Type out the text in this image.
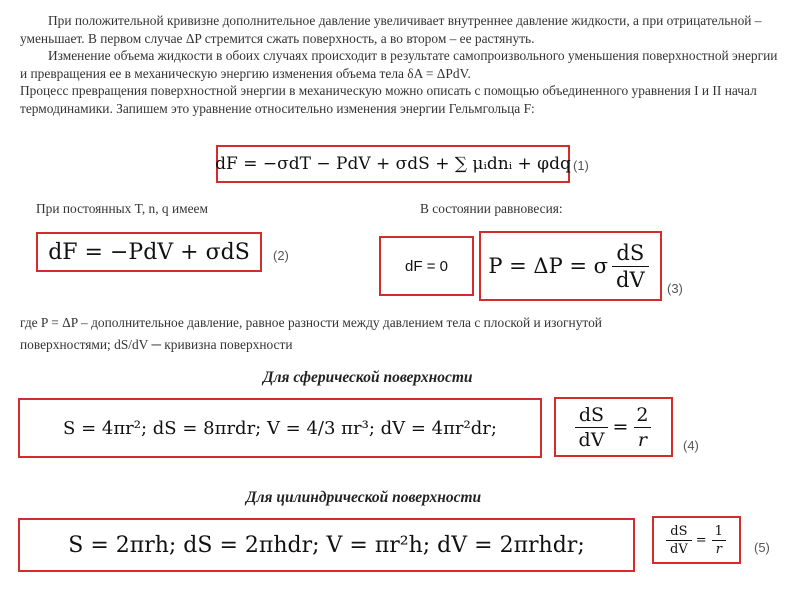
При положительной кривизне дополнительное давление увеличивает внутреннее давление жидкости, а при отрицательной – уменьшает. В первом случае ΔP стремится сжать поверхность, а во втором – ее растянуть.

Изменение объема жидкости в обоих случаях происходит в результате самопроизвольного уменьшения поверхностной энергии и превращения ее в механическую энергию изменения объема тела δA = ΔPdV.

Процесс превращения поверхностной энергии в механическую можно описать с помощью объединенного уравнения I и II начал термодинамики. Запишем это уравнение относительно изменения энергии Гельмгольца F:

dF = −σdT − PdV + σdS + ∑ μᵢdnᵢ + φdq (1)
При постоянных T, n, q имеем	В состоянии равновесия:
dF = −PdV + σdS (2)
dF = 0 P = ΔP = σ $\frac{dS}{dV} (3)$
где P = ΔP – дополнительное давление, равное разности между давлением тела с плоской и изогнутой
поверхностями; dS/dV ─ кривизна поверхности
Для сферической поверхности
S = 4πr²; dS = 8πrdr; V = 4/3 πr³; dV = 4πr²dr;	$\frac{dS}{dV} = \frac{2}{r} (4)$
Для цилиндрической поверхности
S = 2πrh; dS = 2πhdr; V = πr²h; dV = 2πrhdr;	$\frac{dS}{dV} = \frac{1}{r} (5)$
